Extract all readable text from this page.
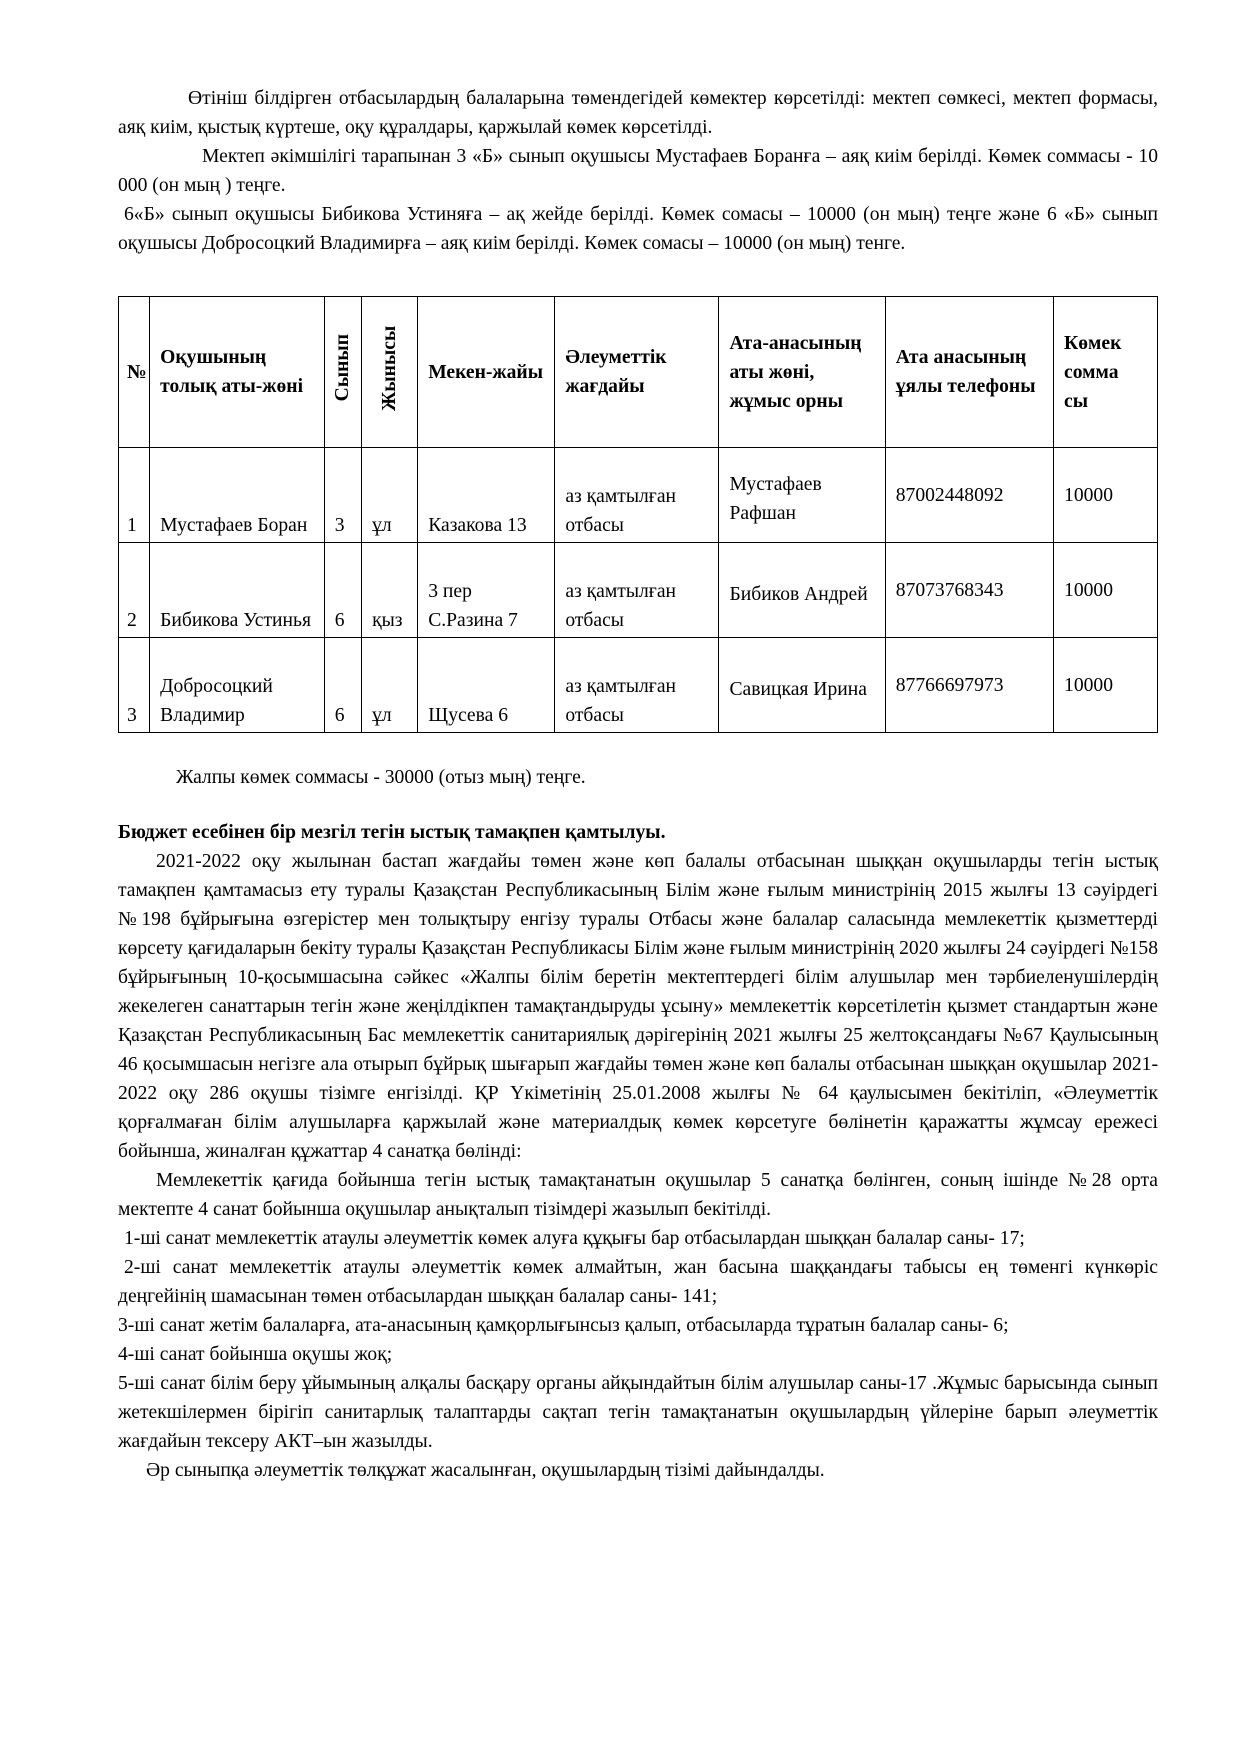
Өтініш білдірген отбасылардың балаларына төмендегідей көмектер көрсетілді: мектеп сөмкесі, мектеп формасы, аяқ киім, қыстық күртеше, оқу құралдары, қаржылай көмек көрсетілді.

Мектеп әкімшілігі тарапынан 3 «Б» сынып оқушысы Мустафаев Боранға – аяқ киім берілді. Көмек соммасы - 10 000 (он мың ) теңге.

6«Б» сынып оқушысы Бибикова Устиняға – ақ жейде берілді. Көмек сомасы – 10000 (он мың) теңге және 6 «Б» сынып оқушысы Добросоцкий Владимирға – аяқ киім берілді. Көмек сомасы – 10000 (он мың) тенге.

№	Оқушының толық аты-жөні	Сынып	Жынысы	Мекен-жайы	Әлеуметтік жағдайы	Ата-анасының аты жөні, жұмыс орны	Ата анасының ұялы телефоны	Көмек сомма сы
1	Мустафаев Боран	3	ұл	Казакова 13	аз қамтылған отбасы	Мустафаев Рафшан	87002448092	10000
2	Бибикова Устинья	6	қыз	3 пер С.Разина 7	аз қамтылған отбасы	Бибиков Андрей	87073768343	10000
3	Добросоцкий Владимир	6	ұл	Щусева 6	аз қамтылған отбасы	Савицкая Ирина	87766697973	10000
Жалпы көмек соммасы - 30000 (отыз мың) теңге.
Бюджет есебінен бір мезгіл тегін ыстық тамақпен қамтылуы.

2021-2022 оқу жылынан бастап жағдайы төмен және көп балалы отбасынан шыққан оқушыларды тегін ыстық тамақпен қамтамасыз ету туралы Қазақстан Республикасының Білім және ғылым министрінің 2015 жылғы 13 сәуірдегі №198 бұйрығына өзгерістер мен толықтыру енгізу туралы Отбасы және балалар саласында мемлекеттік қызметтерді көрсету қағидаларын бекіту туралы Қазақстан Республикасы Білім және ғылым министрінің 2020 жылғы 24 сәуірдегі №158 бұйрығының 10-қосымшасына сәйкес «Жалпы білім беретін мектептердегі білім алушылар мен тәрбиеленушілердің жекелеген санаттарын тегін және жеңілдікпен тамақтандыруды ұсыну» мемлекеттік көрсетілетін қызмет стандартын және Қазақстан Республикасының Бас мемлекеттік санитариялық дәрігерінің 2021 жылғы 25 желтоқсандағы №67 Қаулысының 46 қосымшасын негізге ала отырып бұйрық шығарып жағдайы төмен және көп балалы отбасынан шыққан оқушылар 2021-2022 оқу 286 оқушы тізімге енгізілді. ҚР Үкіметінің 25.01.2008 жылғы № 64 қаулысымен бекітіліп, «Әлеуметтік қорғалмаған білім алушыларға қаржылай және материалдық көмек көрсетуге бөлінетін қаражатты жұмсау ережесі бойынша, жиналған құжаттар 4 санатқа бөлінді:

Мемлекеттік қағида бойынша тегін ыстық тамақтанатын оқушылар 5 санатқа бөлінген, соның ішінде №28 орта мектепте 4 санат бойынша оқушылар анықталып тізімдері жазылып бекітілді.

1-ші санат мемлекеттік атаулы әлеуметтік көмек алуға құқығы бар отбасылардан шыққан балалар саны- 17;

2-ші санат мемлекеттік атаулы әлеуметтік көмек алмайтын, жан басына шаққандағы табысы ең төменгі күнкөріс деңгейінің шамасынан төмен отбасылардан шыққан балалар саны- 141;

3-ші санат жетім балаларға, ата-анасының қамқорлығынсыз қалып, отбасыларда тұратын балалар саны- 6;

4-ші санат бойынша оқушы жоқ;

5-ші санат білім беру ұйымының алқалы басқару органы айқындайтын білім алушылар саны-17 .Жұмыс барысында сынып жетекшілермен бірігіп санитарлық талаптарды сақтап тегін тамақтанатын оқушылардың үйлеріне барып әлеуметтік жағдайын тексеру АКТ–ын жазылды.

Әр сыныпқа әлеуметтік төлқұжат жасалынған, оқушылардың тізімі дайындалды.
